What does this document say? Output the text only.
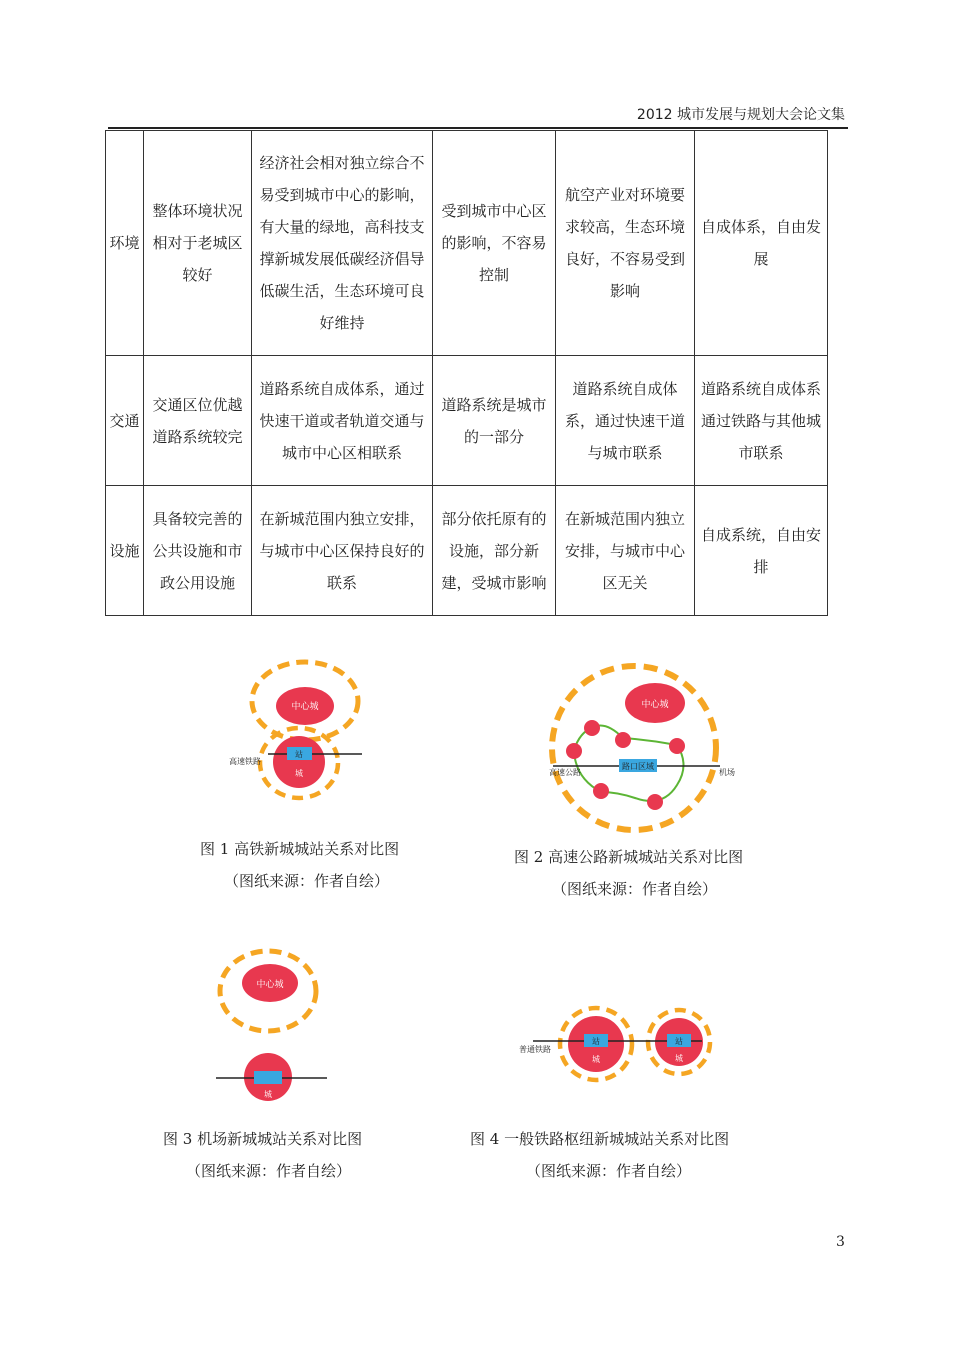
2012 城市发展与规划大会论文集
环境	整体环境状况相对于老城区较好	经济社会相对独立综合不易受到城市中心的影响，有大量的绿地，高科技支撑新城发展低碳经济倡导低碳生活，生态环境可良好维持	受到城市中心区的影响，不容易控制	航空产业对环境要求较高，生态环境良好，不容易受到影响	自成体系，自由发展
交通	交通区位优越道路系统较完	道路系统自成体系，通过快速干道或者轨道交通与城市中心区相联系	道路系统是城市的一部分	道路系统自成体系，通过快速干道与城市联系	道路系统自成体系通过铁路与其他城市联系
设施	具备较完善的公共设施和市政公用设施	在新城范围内独立安排，与城市中心区保持良好的联系	部分依托原有的设施，部分新建，受城市影响	在新城范围内独立安排，与城市中心区无关	自成系统，自由安排
中心城
站
城
高速铁路
图 1 高铁新城城站关系对比图
（图纸来源：作者自绘）
中心城
路口区域
高速公路	机场
图 2 高速公路新城城站关系对比图
（图纸来源：作者自绘）
中心城
城
图 3 机场新城城站关系对比图
（图纸来源：作者自绘）
站
城
站
城
普通铁路
图 4 一般铁路枢纽新城城站关系对比图
（图纸来源：作者自绘）
3
